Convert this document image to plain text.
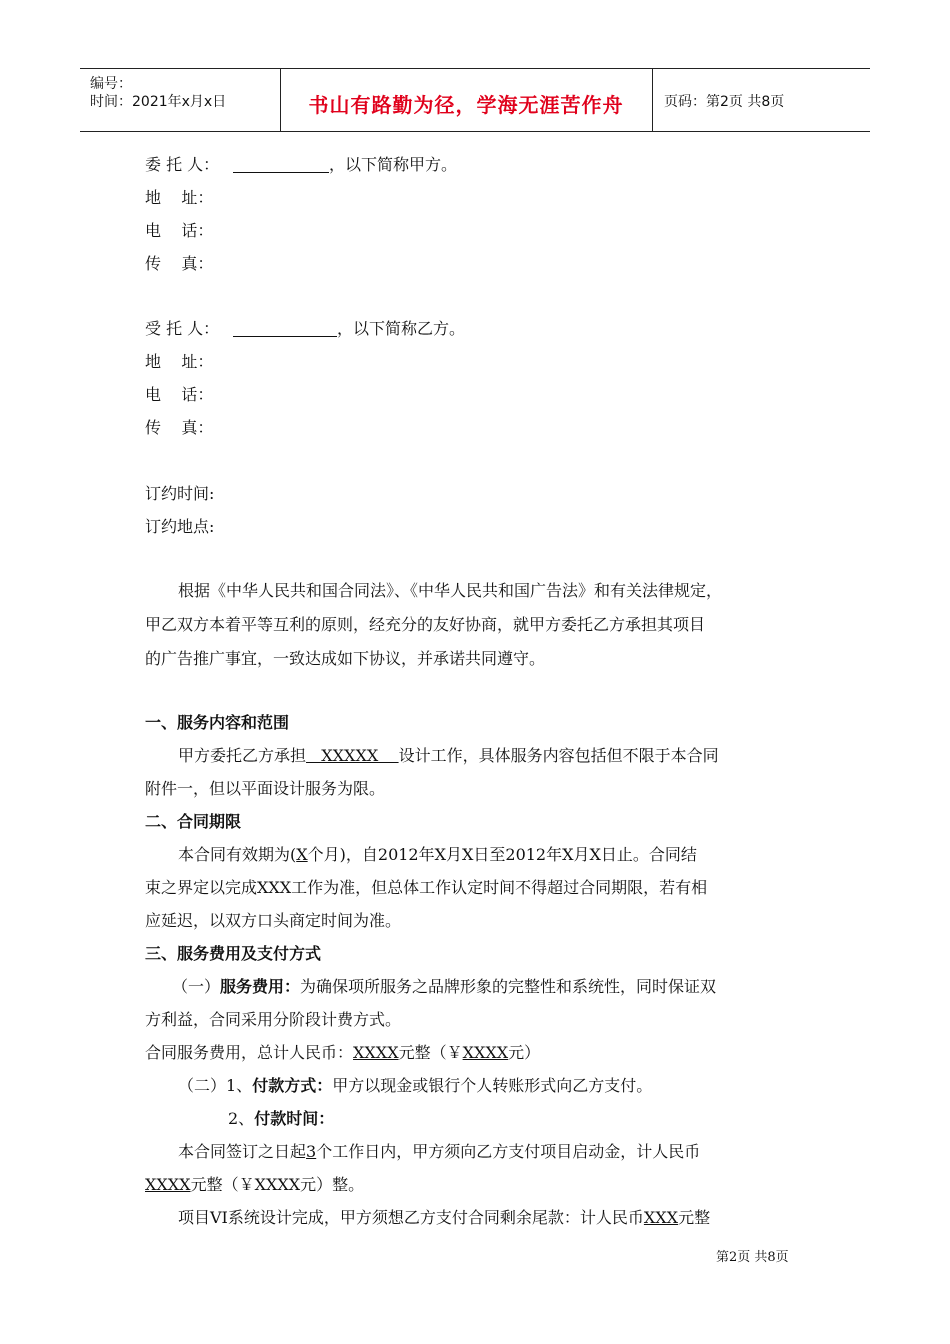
编号：
时间：2021年x月x日	书山有路勤为径，学海无涯苦作舟	页码：第2页 共8页
委 托 人：	，以下简称甲方。
地    址：
电    话：
传    真：
受 托 人：	，以下简称乙方。
地    址：
电    话：
传    真：
订约时间:
订约地点:
根据《中华人民共和国合同法》、《中华人民共和国广告法》和有关法律规定，
甲乙双方本着平等互利的原则，经充分的友好协商，就甲方委托乙方承担其项目
的广告推广事宜，一致达成如下协议，并承诺共同遵守。
一、服务内容和范围
甲方委托乙方承担   XXXXX    设计工作，具体服务内容包括但不限于本合同
附件一，但以平面设计服务为限。
二、合同期限
本合同有效期为(X个月)，自2012年X月X日至2012年X月X日止。合同结
束之界定以完成XXX工作为准，但总体工作认定时间不得超过合同期限，若有相
应延迟，以双方口头商定时间为准。
三、服务费用及支付方式
（一）服务费用：为确保项所服务之品牌形象的完整性和系统性，同时保证双
方利益，合同采用分阶段计费方式。
合同服务费用，总计人民币：XXXX元整（￥XXXX元）
（二）1、付款方式：甲方以现金或银行个人转账形式向乙方支付。
2、付款时间：
本合同签订之日起3个工作日内，甲方须向乙方支付项目启动金，计人民币
XXXX元整（￥XXXX元）整。
项目VI系统设计完成，甲方须想乙方支付合同剩余尾款：计人民币XXX元整
第2页 共8页
